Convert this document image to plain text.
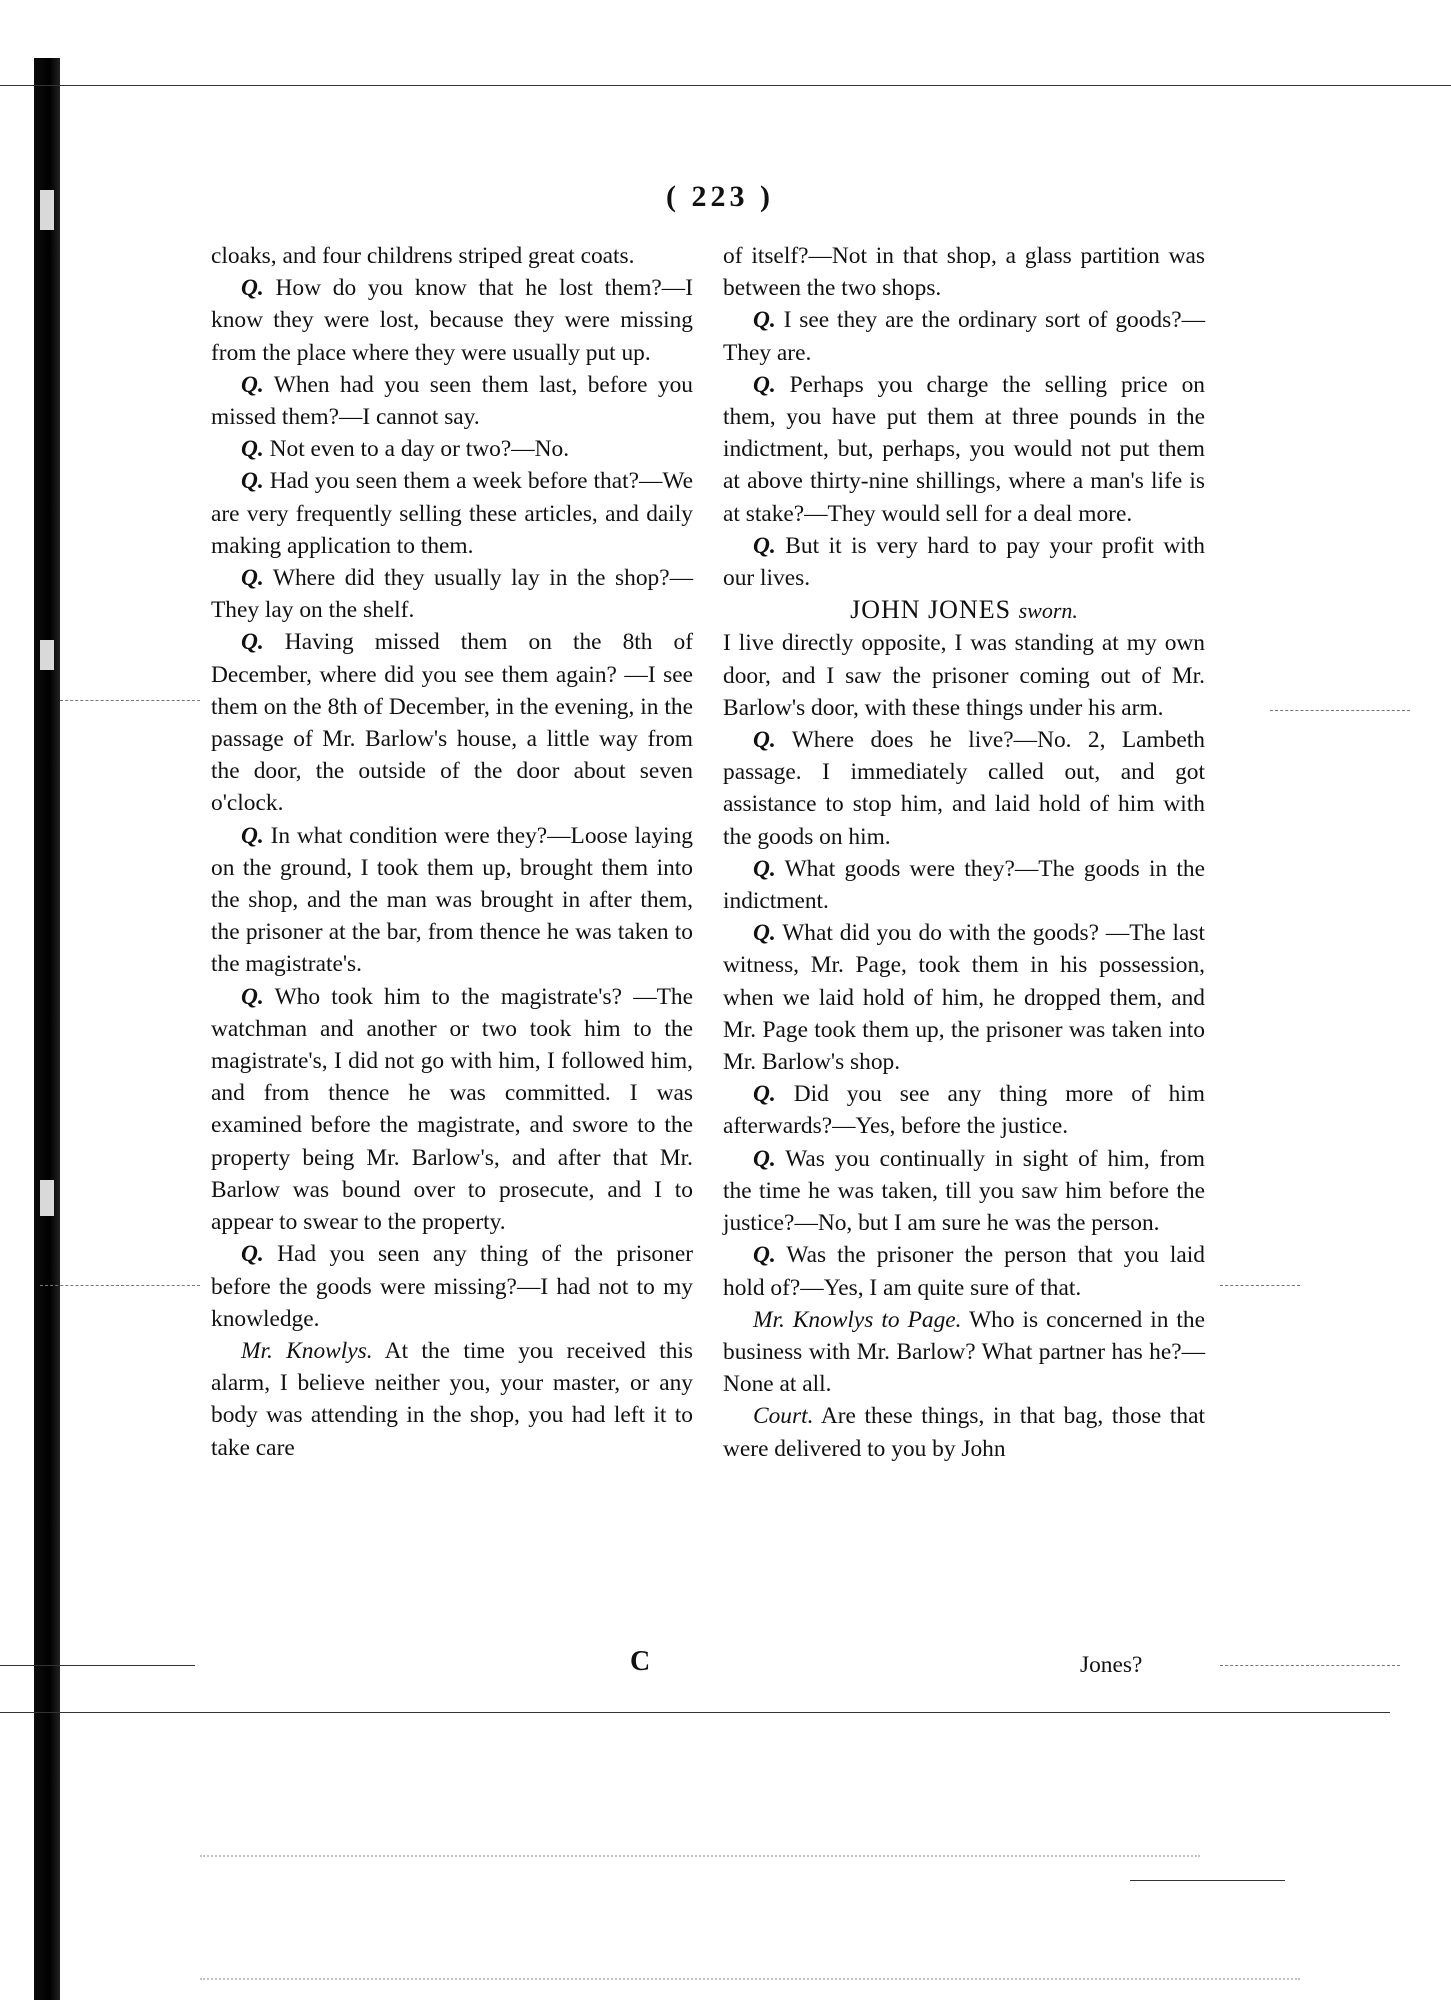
( 223 )

cloaks, and four childrens striped great coats.

Q. How do you know that he lost them?—I know they were lost, because they were missing from the place where they were usually put up.

Q. When had you seen them last, before you missed them?—I cannot say.

Q. Not even to a day or two?—No.

Q. Had you seen them a week before that?—We are very frequently selling these articles, and daily making application to them.

Q. Where did they usually lay in the shop?—They lay on the shelf.

Q. Having missed them on the 8th of December, where did you see them again? —I see them on the 8th of December, in the evening, in the passage of Mr. Barlow's house, a little way from the door, the outside of the door about seven o'clock.

Q. In what condition were they?—Loose laying on the ground, I took them up, brought them into the shop, and the man was brought in after them, the prisoner at the bar, from thence he was taken to the magistrate's.

Q. Who took him to the magistrate's? —The watchman and another or two took him to the magistrate's, I did not go with him, I followed him, and from thence he was committed. I was examined before the magistrate, and swore to the property being Mr. Barlow's, and after that Mr. Barlow was bound over to prosecute, and I to appear to swear to the property.

Q. Had you seen any thing of the prisoner before the goods were missing?—I had not to my knowledge.

Mr. Knowlys. At the time you received this alarm, I believe neither you, your master, or any body was attending in the shop, you had left it to take care

of itself?—Not in that shop, a glass partition was between the two shops.

Q. I see they are the ordinary sort of goods?—They are.

Q. Perhaps you charge the selling price on them, you have put them at three pounds in the indictment, but, perhaps, you would not put them at above thirty-nine shillings, where a man's life is at stake?—They would sell for a deal more.

Q. But it is very hard to pay your profit with our lives.

JOHN JONES sworn.

I live directly opposite, I was standing at my own door, and I saw the prisoner coming out of Mr. Barlow's door, with these things under his arm.

Q. Where does he live?—No. 2, Lambeth passage. I immediately called out, and got assistance to stop him, and laid hold of him with the goods on him.

Q. What goods were they?—The goods in the indictment.

Q. What did you do with the goods? —The last witness, Mr. Page, took them in his possession, when we laid hold of him, he dropped them, and Mr. Page took them up, the prisoner was taken into Mr. Barlow's shop.

Q. Did you see any thing more of him afterwards?—Yes, before the justice.

Q. Was you continually in sight of him, from the time he was taken, till you saw him before the justice?—No, but I am sure he was the person.

Q. Was the prisoner the person that you laid hold of?—Yes, I am quite sure of that.

Mr. Knowlys to Page. Who is concerned in the business with Mr. Barlow? What partner has he?—None at all.

Court. Are these things, in that bag, those that were delivered to you by John

C	Jones?
